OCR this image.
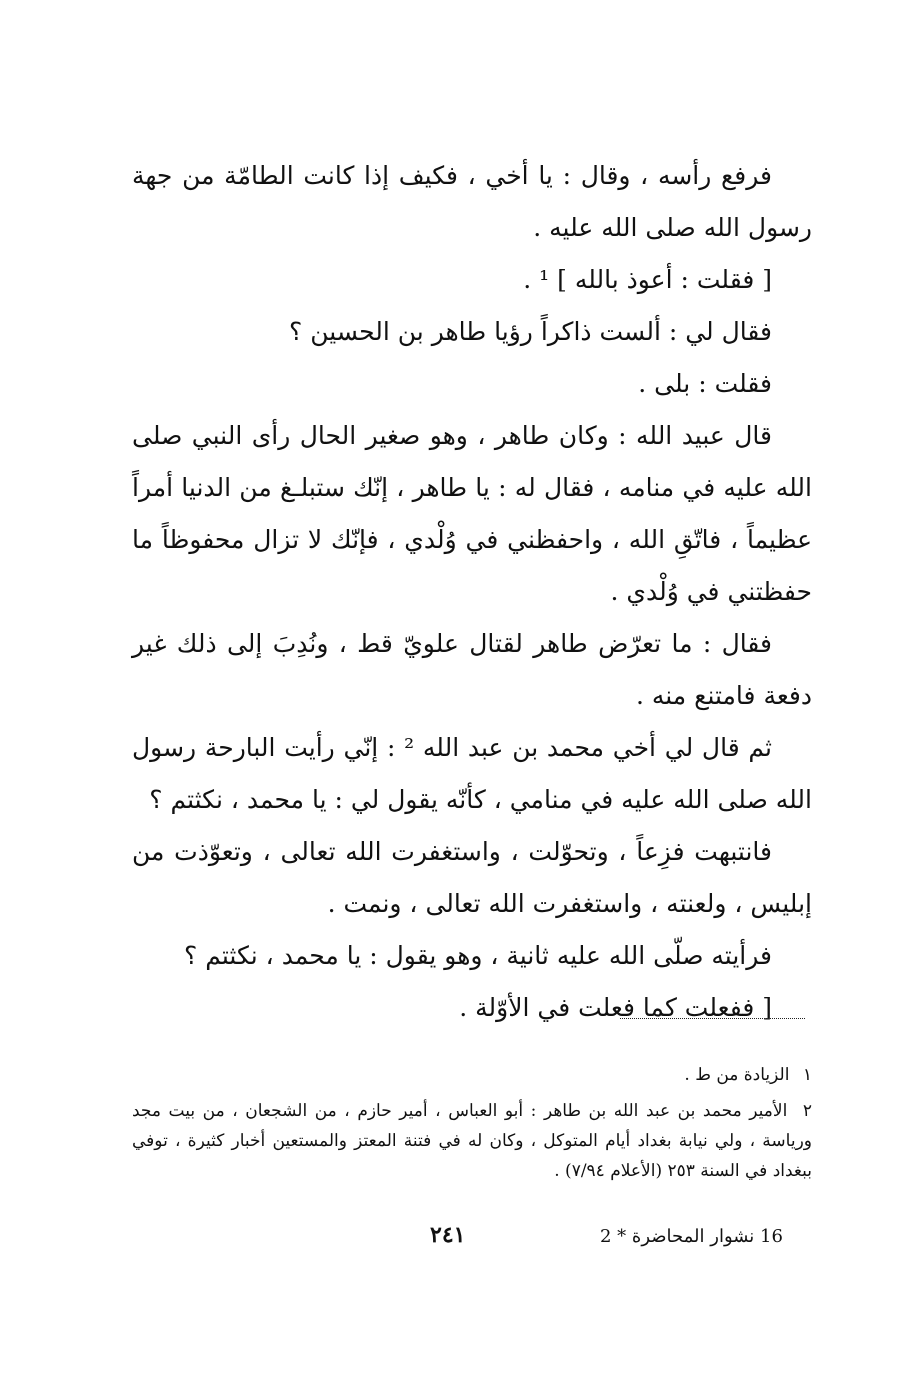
فرفع رأسه ، وقال : يا أخي ، فكيف إذا كانت الطامّة من جهة رسول الله صلى الله عليه .

[ فقلت : أعوذ بالله ] ¹ .

فقال لي : ألست ذاكراً رؤيا طاهر بن الحسين ؟

فقلت : بلى .

قال عبيد الله : وكان طاهر ، وهو صغير الحال رأى النبي صلى الله عليه في منامه ، فقال له : يا طاهر ، إنّك ستبلـغ من الدنيا أمراً عظيماً ، فاتّقِ الله ، واحفظني في وُلْدي ، فإنّك لا تزال محفوظاً ما حفظتني في وُلْدي .

فقال : ما تعرّض طاهر لقتال علويّ قط ، ونُدِبَ إلى ذلك غير دفعة فامتنع منه .

ثم قال لي أخي محمد بن عبد الله ² : إنّي رأيت البارحة رسول الله صلى الله عليه في منامي ، كأنّه يقول لي : يا محمد ، نكثتم ؟

فانتبهت فزِعاً ، وتحوّلت ، واستغفرت الله تعالى ، وتعوّذت من إبليس ، ولعنته ، واستغفرت الله تعالى ، ونمت .

فرأيته صلّى الله عليه ثانية ، وهو يقول : يا محمد ، نكثتم ؟

[ ففعلت كما فعلت في الأوّلة .

١ الزيادة من ط .

٢ الأمير محمد بن عبد الله بن طاهر : أبو العباس ، أمير حازم ، من الشجعان ، من بيت مجد ورياسة ، ولي نيابة بغداد أيام المتوكل ، وكان له في فتنة المعتز والمستعين أخبار كثيرة ، توفي ببغداد في السنة ٢٥٣ (الأعلام ٧/٩٤) .

٢٤١	16 نشوار المحاضرة * 2
